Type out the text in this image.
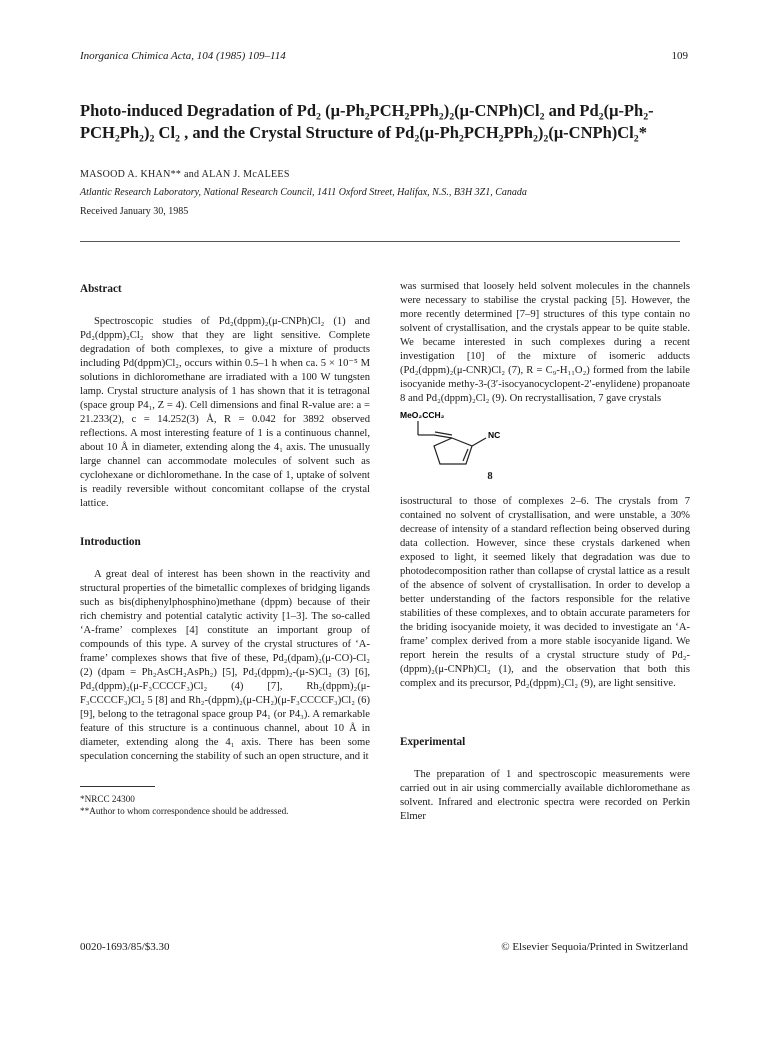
Inorganica Chimica Acta, 104 (1985) 109–114	109
Photo-induced Degradation of Pd₂ (μ-Ph₂PCH₂PPh₂)₂(μ-CNPh)Cl₂ and Pd₂(μ-Ph₂-
PCH₂Ph₂)₂ Cl₂ , and the Crystal Structure of Pd₂(μ-Ph₂PCH₂PPh₂)₂(μ-CNPh)Cl₂*
MASOOD A. KHAN** and ALAN J. McALEES
Atlantic Research Laboratory, National Research Council, 1411 Oxford Street, Halifax, N.S., B3H 3Z1, Canada
Received January 30, 1985
Abstract

Spectroscopic studies of Pd₂(dppm)₂(μ-CNPh)Cl₂ (1) and Pd₂(dppm)₂Cl₂ show that they are light sensitive. Complete degradation of both complexes, to give a mixture of products including Pd(dppm)Cl₂, occurs within 0.5–1 h when ca. 5 × 10⁻⁵ M solutions in dichloromethane are irradiated with a 100 W tungsten lamp. Crystal structure analysis of 1 has shown that it is tetragonal (space group P4₁, Z = 4). Cell dimensions and final R-value are: a = 21.233(2), c = 14.252(3) Å, R = 0.042 for 3892 observed reflections. A most interesting feature of 1 is a continuous channel, about 10 Å in diameter, extending along the 4₁ axis. The unusually large channel can accommodate molecules of solvent such as cyclohexane or dichloromethane. In the case of 1, uptake of solvent is readily reversible without concomitant collapse of the crystal lattice.

Introduction

A great deal of interest has been shown in the reactivity and structural properties of the bimetallic complexes of bridging ligands such as bis(diphenylphosphino)methane (dppm) because of their rich chemistry and potential catalytic activity [1–3]. The so-called ‘A-frame’ complexes [4] constitute an important group of compounds of this type. A survey of the crystal structures of ‘A-frame’ complexes shows that five of these, Pd₂(dpam)₂(μ-CO)-Cl₂ (2) (dpam = Ph₂AsCH₂AsPh₂) [5], Pd₂(dppm)₂-(μ-S)Cl₂ (3) [6], Pd₂(dppm)₂(μ-F₃CCCCF₃)Cl₂ (4) [7], Rh₂(dppm)₂(μ-F₃CCCCF₃)Cl₂ 5 [8] and Rh₂-(dppm)₂(μ-CH₂)(μ-F₃CCCCF₃)Cl₂ (6) [9], belong to the tetragonal space group P4₁ (or P4₃). A remarkable feature of this structure is a continuous channel, about 10 Å in diameter, extending along the 4₁ axis. There has been some speculation concerning the stability of such an open structure, and it

*NRCC 24300

**Author to whom correspondence should be addressed.

was surmised that loosely held solvent molecules in the channels were necessary to stabilise the crystal packing [5]. However, the more recently determined [7–9] structures of this type contain no solvent of crystallisation, and the crystals appear to be quite stable. We became interested in such complexes during a recent investigation [10] of the mixture of isomeric adducts (Pd₂(dppm)₂(μ-CNR)Cl₂ (7), R = C₉-H₁₁O₂) formed from the labile isocyanide methy-3-(3′-isocyanocyclopent-2′-enylidene) propanoate 8 and Pd₂(dppm)₂Cl₂ (9). On recrystallisation, 7 gave crystals

MeO₂CCH₂
NC

8

isostructural to those of complexes 2–6. The crystals from 7 contained no solvent of crystallisation, and were unstable, a 30% decrease of intensity of a standard reflection being observed during data collection. However, since these crystals darkened when exposed to light, it seemed likely that degradation was due to photodecomposition rather than collapse of crystal lattice as a result of the absence of solvent of crystallisation. In order to develop a better understanding of the factors responsible for the relative stabilities of these complexes, and to obtain accurate parameters for the briding isocyanide moiety, it was decided to investigate an ‘A-frame’ complex derived from a more stable isocyanide ligand. We report herein the results of a crystal structure study of Pd₂-(dppm)₂(μ-CNPh)Cl₂ (1), and the observation that both this complex and its precursor, Pd₂(dppm)₂Cl₂ (9), are light sensitive.

Experimental

The preparation of 1 and spectroscopic measurements were carried out in air using commercially available dichloromethane as solvent. Infrared and electronic spectra were recorded on Perkin Elmer

0020-1693/85/$3.30	© Elsevier Sequoia/Printed in Switzerland
